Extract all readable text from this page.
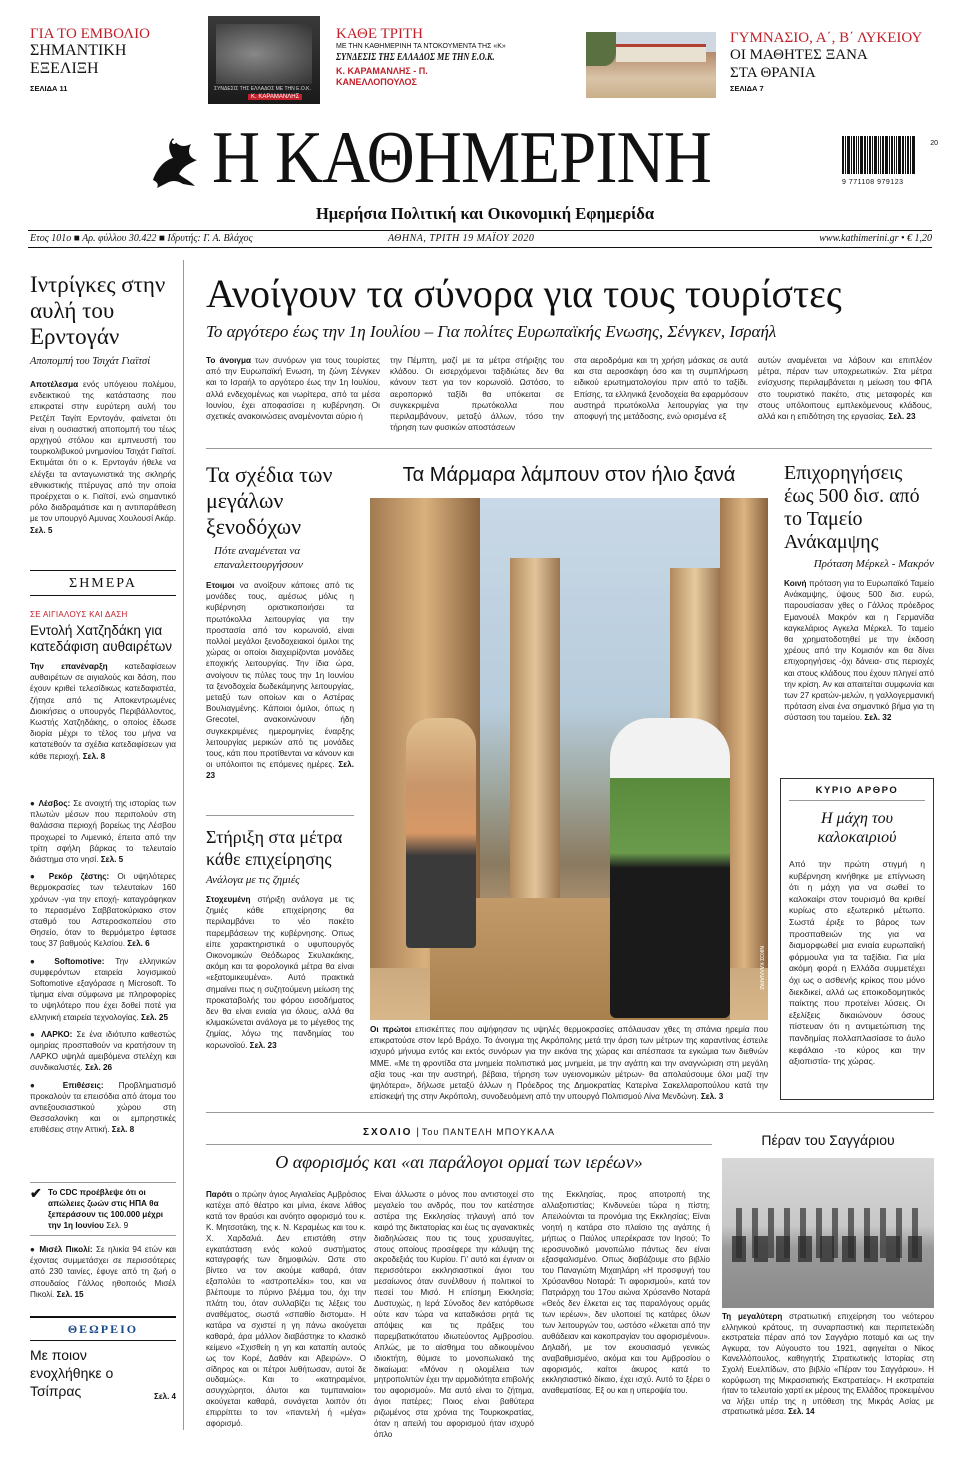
ΓΙΑ ΤΟ ΕΜΒΟΛΙΟ
ΣΗΜΑΝΤΙΚΗ ΕΞΕΛΙΞΗ
ΣΕΛΙΔΑ 11	ΣΥΝΔΕΣΙΣ ΤΗΣ ΕΛΛΑΔΟΣ ΜΕ ΤΗΝ Ε.Ο.Κ.
Κ. ΚΑΡΑΜΑΝΛΗΣ
ΚΑΘΕ ΤΡΙΤΗ
ΜΕ ΤΗΝ ΚΑΘΗΜΕΡΙΝΗ ΤΑ ΝΤΟΚΟΥΜΕΝΤΑ ΤΗΣ «Κ»
ΣΥΝΔΕΣΙΣ ΤΗΣ ΕΛΛΑΔΟΣ ΜΕ ΤΗΝ Ε.Ο.Κ.
Κ. ΚΑΡΑΜΑΝΛΗΣ - Π. ΚΑΝΕΛΛΟΠΟΥΛΟΣ
ΓΥΜΝΑΣΙΟ, Α΄, Β΄ ΛΥΚΕΙΟΥ
ΟΙ ΜΑΘΗΤΕΣ ΞΑΝΑ ΣΤΑ ΘΡΑΝΙΑ
ΣΕΛΙΔΑ 7
Η ΚΑΘΗΜΕΡΙΝΗ
Ημερήσια Πολιτική και Οικονομική Εφημερίδα
20
9 771108 979123
Ετος 101ο ■ Αρ. φύλλου 30.422 ■ Ιδρυτής: Γ. Α. Βλάχος	ΑΘΗΝΑ, ΤΡΙΤΗ 19 ΜΑΪΟΥ 2020	www.kathimerini.gr • € 1,20
Ιντρίγκες στην αυλή του Ερντογάν
Αποπομπή του Τσιχάτ Γιαϊτσί
Αποτέλεσμα ενός υπόγειου πολέμου, ενδεικτικού της κατάστασης που επικρατεί στην ευρύτερη αυλή του Ρετζέπ Ταγίπ Ερντογάν, φαίνεται ότι είναι η ουσιαστική αποπομπή του τέως αρχηγού στόλου και εμπνευστή του τουρκολιβυκού μνημονίου Τσιχάτ Γιαϊτσί. Εκτιμάται ότι ο κ. Ερντογάν ήθελε να ελέγξει τα ανταγωνιστικά της σκληρής εθνικιστικής πτέρυγας από την οποία προέρχεται ο κ. Γιαϊτσί, ενώ σημαντικό ρόλο διαδραμάτισε και η αντιπαράθεση με τον υπουργό Αμυνας Χουλουσί Ακάρ. Σελ. 5
ΣΗΜΕΡΑ
ΣΕ ΑΙΓΙΑΛΟΥΣ ΚΑΙ ΔΑΣΗ
Εντολή Χατζηδάκη για κατεδάφιση αυθαιρέτων
Την επανέναρξη κατεδαφίσεων αυθαιρέτων σε αιγιαλούς και δάση, που έχουν κριθεί τελεσίδικως κατεδαφιστέα, ζήτησε από τις Αποκεντρωμένες Διοικήσεις ο υπουργός Περιβάλλοντος, Κωστής Χατζηδάκης, ο οποίος έδωσε διορία μέχρι το τέλος του μήνα να κατατεθούν τα σχέδια κατεδαφίσεων για κάθε περιοχή. Σελ. 8
● Λέσβος: Σε ανοιχτή της ιστορίας των πλωτών μέσων που περιπολούν στη θαλάσσια περιοχή βορείως της Λέσβου προχωρεί το Λιμενικό, έπειτα από την τρίτη σφήλη βάρκας το τελευταίο διάστημα στο νησί. Σελ. 5
● Ρεκόρ ζέστης: Οι υψηλότερες θερμοκρασίες των τελευταίων 160 χρόνων -για την εποχή- καταγράφηκαν το περασμένο Σαββατοκύριακο στον σταθμό του Αστεροσκοπείου στο Θησείο, όταν το θερμόμετρο έφτασε τους 37 βαθμούς Κελσίου. Σελ. 6
● Softomotive: Την ελληνικών συμφερόντων εταιρεία λογισμικού Softomotive εξαγόρασε η Microsoft. Το τίμημα είναι σύμφωνα με πληροφορίες το υψηλότερο που έχει δοθεί ποτέ για ελληνική εταιρεία τεχνολογίας. Σελ. 25
● ΛΑΡΚΟ: Σε ένα ιδιότυπο καθεστώς ομηρίας προσπαθούν να κρατήσουν τη ΛΑΡΚΟ υψηλά αμειβόμενα στελέχη και συνδικαλιστές. Σελ. 26
● Επιθέσεις: Προβληματισμό προκαλούν τα επεισόδια από άτομα του αντιεξουσιαστικού χώρου στη Θεσσαλονίκη και οι εμπρηστικές επιθέσεις στην Αττική. Σελ. 8
✔ Το CDC προέβλεψε ότι οι απώλειες ζωών στις ΗΠΑ θα ξεπεράσουν τις 100.000 μέχρι την 1η Ιουνίου Σελ. 9
● Μισέλ Πικολί: Σε ηλικία 94 ετών και έχοντας συμμετάσχει σε περισσότερες από 230 ταινίες, έφυγε από τη ζωή ο σπουδαίος Γάλλος ηθοποιός Μισέλ Πικολί. Σελ. 15
ΘΕΩΡΕΙΟ
Με ποιον ενοχλήθηκε ο Τσίπρας	Σελ. 4
Ανοίγουν τα σύνορα για τους τουρίστες
Το αργότερο έως την 1η Ιουλίου – Για πολίτες Ευρωπαϊκής Ενωσης, Σένγκεν, Ισραήλ
Το άνοιγμα των συνόρων για τους τουρίστες από την Ευρωπαϊκή Ενωση, τη ζώνη Σένγκεν και το Ισραήλ το αργότερο έως την 1η Ιουλίου, αλλά ενδεχομένως και νωρίτερα, από τα μέσα Ιουνίου, έχει αποφασίσει η κυβέρνηση. Οι σχετικές ανακοινώσεις αναμένονται αύριο ή
την Πέμπτη, μαζί με τα μέτρα στήριξης του κλάδου. Οι εισερχόμενοι ταξιδιώτες δεν θα κάνουν τεστ για τον κορωνοϊό. Ωστόσο, το αεροπορικό ταξίδι θα υπόκειται σε συγκεκριμένα πρωτόκολλα που περιλαμβάνουν, μεταξύ άλλων, τόσο την τήρηση των φυσικών αποστάσεων
στα αεροδρόμια και τη χρήση μάσκας σε αυτά και στα αεροσκάφη όσο και τη συμπλήρωση ειδικού ερωτηματολογίου πριν από το ταξίδι. Επίσης, τα ελληνικά ξενοδοχεία θα εφαρμόσουν αυστηρά πρωτόκολλα λειτουργίας για την αποφυγή της μετάδοσης, ενώ ορισμένα εξ
αυτών αναμένεται να λάβουν και επιπλέον μέτρα, πέραν των υποχρεωτικών. Στα μέτρα ενίσχυσης περιλαμβάνεται η μείωση του ΦΠΑ στο τουριστικό πακέτο, στις μεταφορές και στους υπόλοιπους εμπλεκόμενους κλάδους, αλλά και η επιδότηση της εργασίας. Σελ. 23
Τα σχέδια των μεγάλων ξενοδόχων
Πότε αναμένεται να επαναλειτουργήσουν
Ετοιμοι να ανοίξουν κάποιες από τις μονάδες τους, αμέσως μόλις η κυβέρνηση οριστικοποιήσει τα πρωτόκολλα λειτουργίας για την προστασία από τον κορωνοϊό, είναι πολλοί μεγάλοι ξενοδοχειακοί όμιλοι της χώρας οι οποίοι διαχειρίζονται μονάδες εποχικής λειτουργίας. Την ίδια ώρα, ανοίγουν τις πύλες τους την 1η Ιουνίου τα ξενοδοχεία δωδεκάμηνης λειτουργίας, μεταξύ των οποίων και ο Αστέρας Βουλιαγμένης. Κάποιοι όμιλοι, όπως η Grecotel, ανακοινώνουν ήδη συγκεκριμένες ημερομηνίες έναρξης λειτουργίας μερικών από τις μονάδες τους, κάτι που προτίθενται να κάνουν και οι υπόλοιποι τις επόμενες ημέρες. Σελ. 23
Στήριξη στα μέτρα κάθε επιχείρησης
Ανάλογα με τις ζημιές
Στοχευμένη στήριξη ανάλογα με τις ζημιές κάθε επιχείρησης θα περιλαμβάνει το νέο πακέτο παρεμβάσεων της κυβέρνησης. Οπως είπε χαρακτηριστικά ο υφυπουργός Οικονομικών Θεόδωρος Σκυλακάκης, ακόμη και τα φορολογικά μέτρα θα είναι «εξατομικευμένα». Αυτό πρακτικά σημαίνει πως η συζητούμενη μείωση της προκαταβολής του φόρου εισοδήματος δεν θα είναι ενιαία για όλους, αλλά θα κλιμακώνεται ανάλογα με το μέγεθος της ζημίας, λόγω της πανδημίας του κορωνοϊού. Σελ. 23
Τα Μάρμαρα λάμπουν στον ήλιο ξανά
ΝΙΚΟΣ ΚΑΛΛΙΑΡΑΣ
Οι πρώτοι επισκέπτες που αψήφησαν τις υψηλές θερμοκρασίες απόλαυσαν χθες τη σπάνια ηρεμία που επικρατούσε στον Ιερό Βράχο. Το άνοιγμα της Ακρόπολης μετά την άρση των μέτρων της καραντίνας έστειλε ισχυρό μήνυμα εντός και εκτός συνόρων για την εικόνα της χώρας και απέσπασε τα εγκώμια των διεθνών ΜΜΕ. «Με τη φροντίδα στα μνημεία πολιτιστικά μας μνημεία, με την αγάπη και την αναγνώριση στη μεγάλη αξία τους -και την αυστηρή, βέβαια, τήρηση των υγειονομικών μέτρων- θα απολαύσουμε όλοι μαζί την ψηλότερα», δήλωσε μεταξύ άλλων η Πρόεδρος της Δημοκρατίας Κατερίνα Σακελλαροπούλου κατά την επίσκεψή της στην Ακρόπολη, συνοδευόμενη από την υπουργό Πολιτισμού Λίνα Μενδώνη. Σελ. 3
Επιχορηγήσεις έως 500 δισ. από το Ταμείο Ανάκαμψης
Πρόταση Μέρκελ - Μακρόν
Κοινή πρόταση για το Ευρωπαϊκό Ταμείο Ανάκαμψης, ύψους 500 δισ. ευρώ, παρουσίασαν χθες ο Γάλλος πρόεδρος Εμανουέλ Μακρόν και η Γερμανίδα καγκελάριος Αγκελα Μέρκελ. Το ταμείο θα χρηματοδοτηθεί με την έκδοση χρέους από την Κομισιόν και θα δίνει επιχορηγήσεις -όχι δάνεια- στις περιοχές και στους κλάδους που έχουν πληγεί από την κρίση. Αν και απαιτείται συμφωνία και των 27 κρατών-μελών, η γαλλογερμανική πρόταση είναι ένα σημαντικό βήμα για τη σύσταση του ταμείου. Σελ. 32
ΚΥΡΙΟ ΑΡΘΡΟ
Η μάχη του καλοκαιριού
Από την πρώτη στιγμή η κυβέρνηση κινήθηκε με επίγνωση ότι η μάχη για να σωθεί το καλοκαίρι στον τουρισμό θα κριθεί κυρίως στο εξωτερικό μέτωπο. Σωστά έριξε το βάρος των προσπαθειών της για να διαμορφωθεί μια ενιαία ευρωπαϊκή φόρμουλα για τα ταξίδια. Για μία ακόμη φορά η Ελλάδα συμμετέχει όχι ως ο ασθενής κρίκος που μόνο διεκδικεί, αλλά ως εποικοδομητικός παίκτης που προτείνει λύσεις. Οι εξελίξεις δικαιώνουν όσους πίστευαν ότι η αντιμετώπιση της πανδημίας πολλαπλασίασε το άυλο κεφάλαιο -το κύρος και την αξιοπιστία- της χώρας.
ΣΧΟΛΙΟ | Του ΠΑΝΤΕΛΗ ΜΠΟΥΚΑΛΑ
Ο αφορισμός και «αι παράλογοι ορμαί των ιερέων»
Παρότι ο πρώην άγιος Αιγιαλείας Αμβρόσιος κατέχει από θέατρο και μίνια, έκανε λάθος κατά τον θραύσι και ανόητο αφορισμό του κ. Κ. Μητσοτάκη, της κ. Ν. Κεραμέως και του κ. Χ. Χαρδαλιά. Δεν επιστάθη στην εγκατάσταση ενός κολού συστήματος καταγραφής των δημοφιλών. Ωστε στο βίντεο να τον ακούμε καθαρά, όταν εξαπολύει το «αστροπελέκι» του, και να βλέπουμε το πύρινο βλέμμα του, όχι την πλάτη του, όταν συλλαβίζει τις λέξεις του αναθέματος, σωστά «σπαθίο διστομα». Η κατάρα να σχιστεί η γη πάνω ακούγεται καθαρά, άρα μάλλον διαβάστηκε το κλασικό κείμενο «Σχισθείη η γη και καταπίη αυτούς ως τον Κορέ, Δαθάν και Αβειρών». Ο σίδηρος και οι πέτροι λυθήτωσαν, αυτοί δε ουδαμώς». Και το «κατηραμένοι, ασυγχώρητοι, άλυτοι και τυμπανιαίοι» ακούγεται καθαρά, συνάγεται λοιπόν ότι επιρρίπτει το τον «παντελή ή «μέγα» αφορισμό.
Είναι άλλωστε ο μόνος που αντιστοιχεί στο μεγαλείο του ανδρός, που τον κατέστησε αστέρα της Εκκλησίας τηλαυγή από τον καιρό της δικτατορίας και έως τις αγανακτικές διαδηλώσεις που τις τους χρυσαυγίτες, στους οποίους προσέφερε την κάλυψη της ακροδεξιάς του Κυρίου. Γι' αυτό και έγιναν οι περισσότεροι εκκλησιαστικοί άγιοι του μεσαίωνος όταν συνέλθουν ή πολιτικοί το πεσεί του Μισό. Η επίσημη Εκκλησία; Δυστυχώς, η Ιερά Σύνοδος δεν κατόρθωσε ούτε καν τώρα να καταδικάσει ρητά τις απόψεις και τις πράξεις του παρεμβατικότατου ιδιωτεύοντος Αμβροσίου. Απλώς, με το αίσθημα του αδικουμένου ιδιοκτήτη, θύμισε το μονοπωλιακό της δικαίωμα: «Μόνον η ολομέλεια των μητροπολιτών έχει την αρμοδιότητα επιβολής του αφορισμού». Μα αυτό είναι το ζήτημα, άγιοι πατέρες; Ποιος είναι βαθύτερα ριζωμένος στα χρόνια της Τουρκοκρατίας, όταν η απειλή του αφορισμού ήταν ισχυρό όπλο
της Εκκλησίας, προς αποτροπή της αλλαξοπιστίας; Κινδυνεύει τώρα η πίστη; Απειλούνται τα προνόμια της Εκκλησίας; Είναι νοητή η κατάρα στο πλαίσιο της αγάπης ή μήπως ο Παύλος υπερέκρασε τον Ιησού; Το ιεροσυνοδικό μονοπώλιο πάντως δεν είναι εξασφαλισμένο. Οπως διαβάζουμε στο βιβλίο του Παναγιώτη Μιχαηλάρη «Η προσφυγή του Χρύσανθου Νοταρά: Τι αφορισμού», κατά τον Πατριάρχη του 17ου αιώνα Χρύσανθο Νοταρά «Θεός δεν έλκεται εις τας παραλόγους ορμάς των ιερέων», δεν υλοποιεί τις κατάρες όλων των λειτουργών του, ωστόσο «έλκεται από την αυθάδειαν και κακοπραγίαν του αφορισμένου». Δηλαδή, με τον εκουσιασμό γενικώς αναβαθμισμένο, ακόμα και του Αμβροσίου ο αφορισμός, καίτοι άκυρος κατά το εκκλησιαστικό δίκαιο, έχει ισχύ. Αυτό το ξέρει ο αναθεματίσας. Εξ ου και η υπεροψία του.
Πέραν του Σαγγάριου
Τη μεγαλύτερη στρατιωτική επιχείρηση του νεότερου ελληνικού κράτους, τη συναρπαστική και περιπετειώδη εκστρατεία πέραν από τον Σαγγάριο ποταμό και ως την Αγκυρα, τον Αύγουστο του 1921, αφηγείται ο Νίκος Κανελλόπουλος, καθηγητής Στρατιωτικής Ιστορίας στη Σχολή Ευελπίδων, στο βιβλίο «Πέραν του Σαγγάριου». Η κορύφωση της Μικρασιατικής Εκστρατείας». Η εκστρατεία ήταν το τελευταίο χαρτί εκ μέρους της Ελλάδος προκειμένου να λήξει υπέρ της η υπόθεση της Μικράς Ασίας με στρατιωτικά μέσα. Σελ. 14
